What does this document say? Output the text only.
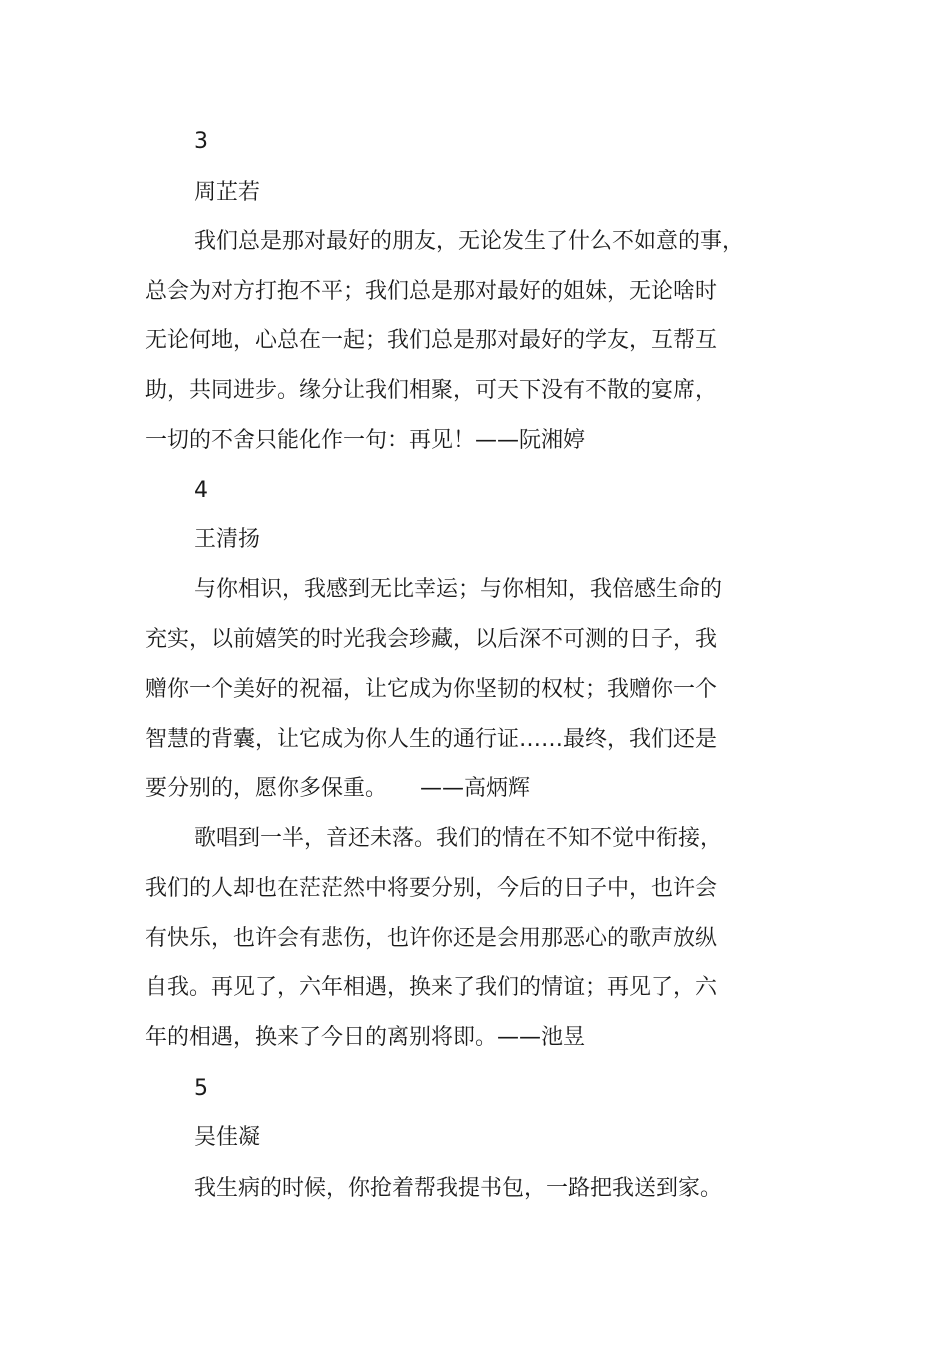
3
周芷若
我们总是那对最好的朋友，无论发生了什么不如意的事，
总会为对方打抱不平；我们总是那对最好的姐妹，无论啥时
无论何地，心总在一起；我们总是那对最好的学友，互帮互
助，共同进步。缘分让我们相聚，可天下没有不散的宴席，
一切的不舍只能化作一句：再见！——阮湘婷
4
王清扬
与你相识，我感到无比幸运；与你相知，我倍感生命的
充实，以前嬉笑的时光我会珍藏，以后深不可测的日子，我
赠你一个美好的祝福，让它成为你坚韧的权杖；我赠你一个
智慧的背囊，让它成为你人生的通行证……最终，我们还是
要分别的，愿你多保重。　　——高炳辉
歌唱到一半，音还未落。我们的情在不知不觉中衔接，
我们的人却也在茫茫然中将要分别，今后的日子中，也许会
有快乐，也许会有悲伤，也许你还是会用那恶心的歌声放纵
自我。再见了，六年相遇，换来了我们的情谊；再见了，六
年的相遇，换来了今日的离别将即。——池昱
5
吴佳凝
我生病的时候，你抢着帮我提书包，一路把我送到家。
